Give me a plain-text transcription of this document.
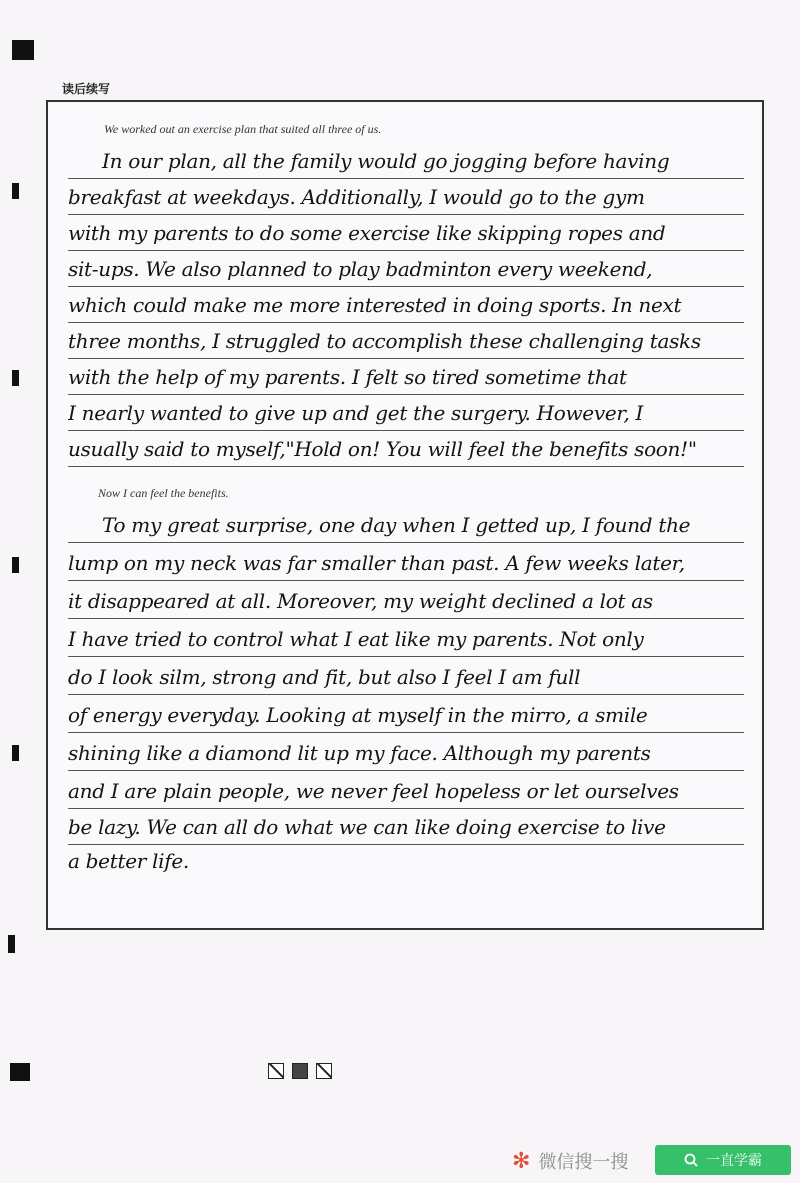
读后续写
We worked out an exercise plan that suited all three of us.
In our plan, all the family would go jogging before having
breakfast at weekdays. Additionally, I would go to the gym
with my parents to do some exercise like skipping ropes and
sit-ups. We also planned to play badminton every weekend,
which could make me more interested in doing sports. In next
three months, I struggled to accomplish these challenging tasks
with the help of my parents. I felt so tired sometime that
I nearly wanted to give up and get the surgery. However, I
usually said to myself,"Hold on! You will feel the benefits soon!"
Now I can feel the benefits.
To my great surprise, one day when I getted up, I found the
lump on my neck was far smaller than past. A few weeks later,
it disappeared at all. Moreover, my weight declined a lot as
I have tried to control what I eat like my parents. Not only
do I look silm, strong and fit, but also I feel I am full
of energy everyday. Looking at myself in the mirro, a smile
shining like a diamond lit up my face. Although my parents
and I are plain people, we never feel hopeless or let ourselves
be lazy. We can all do what we can like doing exercise to live
a better life.
✻ 微信搜一搜	一直学霸
